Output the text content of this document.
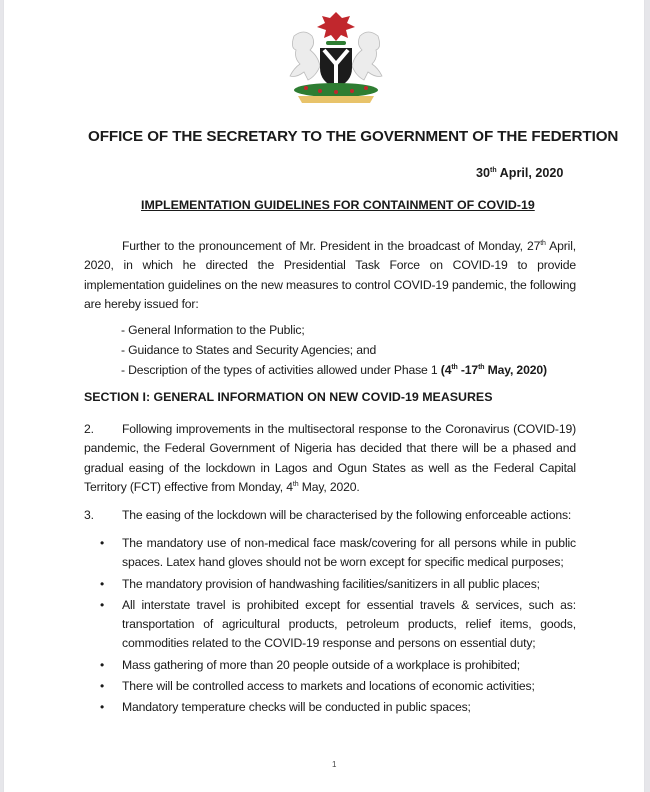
OFFICE OF THE SECRETARY TO THE GOVERNMENT OF THE FEDERTION
30th April, 2020
IMPLEMENTATION GUIDELINES FOR CONTAINMENT OF COVID-19
Further to the pronouncement of Mr. President in the broadcast of Monday, 27th April, 2020, in which he directed the Presidential Task Force on COVID-19 to provide implementation guidelines on the new measures to control COVID-19 pandemic, the following are hereby issued for:
- General Information to the Public;
- Guidance to States and Security Agencies; and
- Description of the types of activities allowed under Phase 1 (4th -17th May, 2020)
SECTION I: GENERAL INFORMATION ON NEW COVID-19 MEASURES
2. Following improvements in the multisectoral response to the Coronavirus (COVID-19) pandemic, the Federal Government of Nigeria has decided that there will be a phased and gradual easing of the lockdown in Lagos and Ogun States as well as the Federal Capital Territory (FCT) effective from Monday, 4th May, 2020.
3. The easing of the lockdown will be characterised by the following enforceable actions:
• The mandatory use of non-medical face mask/covering for all persons while in public spaces. Latex hand gloves should not be worn except for specific medical purposes;
• The mandatory provision of handwashing facilities/sanitizers in all public places;
• All interstate travel is prohibited except for essential travels & services, such as: transportation of agricultural products, petroleum products, relief items, goods, commodities related to the COVID-19 response and persons on essential duty;
• Mass gathering of more than 20 people outside of a workplace is prohibited;
• There will be controlled access to markets and locations of economic activities;
• Mandatory temperature checks will be conducted in public spaces;
1
